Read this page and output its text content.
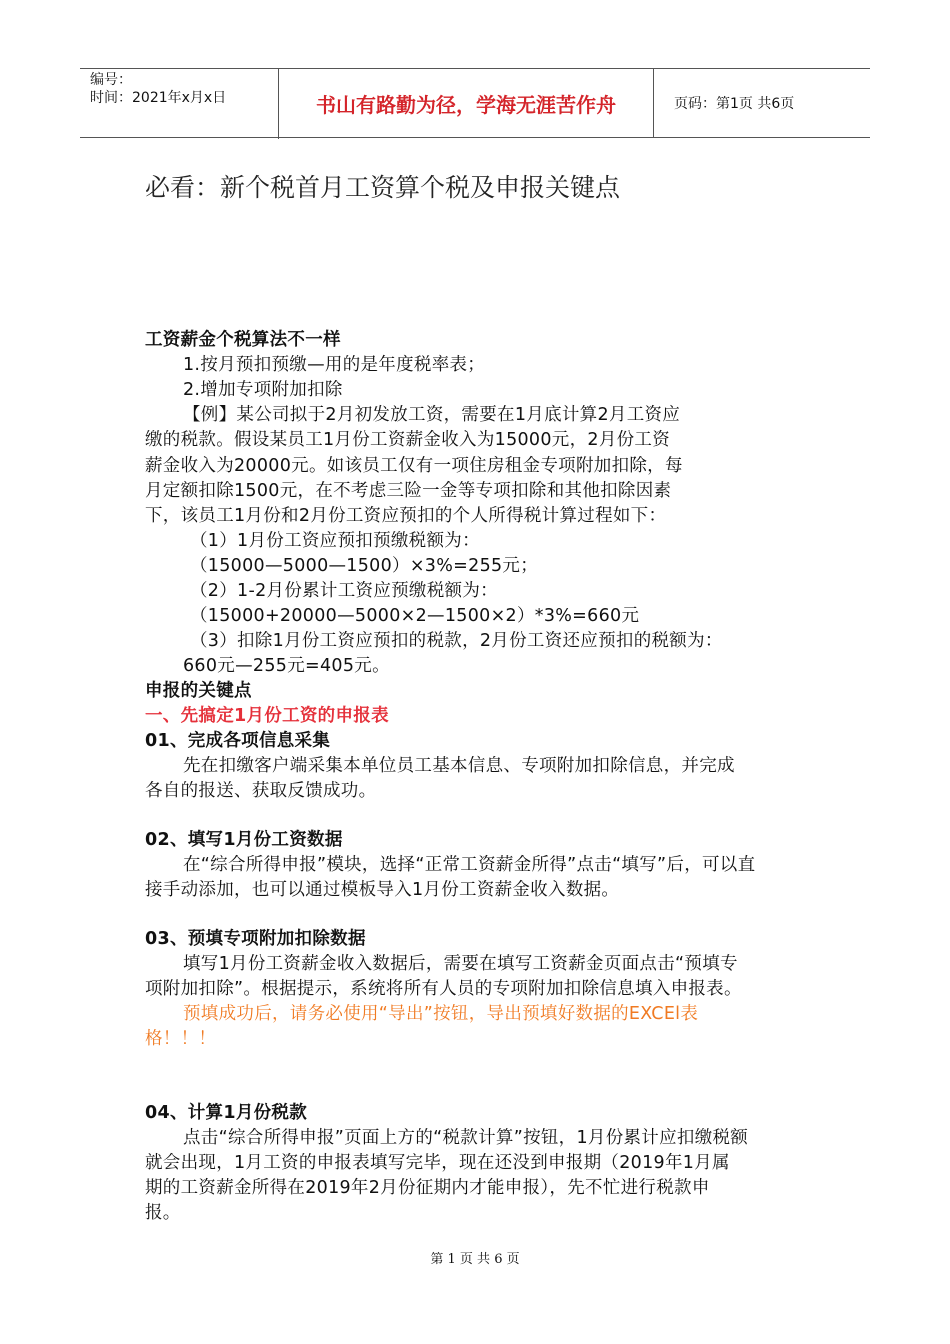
编号：
时间：2021年x月x日	书山有路勤为径，学海无涯苦作舟	页码：第1页 共6页
必看：新个税首月工资算个税及申报关键点
工资薪金个税算法不一样
1.按月预扣预缴—用的是年度税率表；
2.增加专项附加扣除
【例】某公司拟于2月初发放工资，需要在1月底计算2月工资应
缴的税款。假设某员工1月份工资薪金收入为15000元，2月份工资
薪金收入为20000元。如该员工仅有一项住房租金专项附加扣除，每
月定额扣除1500元，在不考虑三险一金等专项扣除和其他扣除因素
下，该员工1月份和2月份工资应预扣的个人所得税计算过程如下：
（1）1月份工资应预扣预缴税额为：
（15000—5000—1500）×3%=255元；
（2）1-2月份累计工资应预缴税额为：
（15000+20000—5000×2—1500×2）*3%=660元
（3）扣除1月份工资应预扣的税款，2月份工资还应预扣的税额为：
660元—255元=405元。
申报的关键点
一、先搞定1月份工资的申报表
01、完成各项信息采集
先在扣缴客户端采集本单位员工基本信息、专项附加扣除信息，并完成
各自的报送、获取反馈成功。
02、填写1月份工资数据
在“综合所得申报”模块，选择“正常工资薪金所得”点击“填写”后，可以直
接手动添加，也可以通过模板导入1月份工资薪金收入数据。
03、预填专项附加扣除数据
填写1月份工资薪金收入数据后，需要在填写工资薪金页面点击“预填专
项附加扣除”。根据提示，系统将所有人员的专项附加扣除信息填入申报表。
预填成功后，请务必使用“导出”按钮，导出预填好数据的EXCEl表
格！！！
04、计算1月份税款
点击“综合所得申报”页面上方的“税款计算”按钮，1月份累计应扣缴税额
就会出现，1月工资的申报表填写完毕，现在还没到申报期（2019年1月属
期的工资薪金所得在2019年2月份征期内才能申报），先不忙进行税款申
报。
第 1 页 共 6 页
